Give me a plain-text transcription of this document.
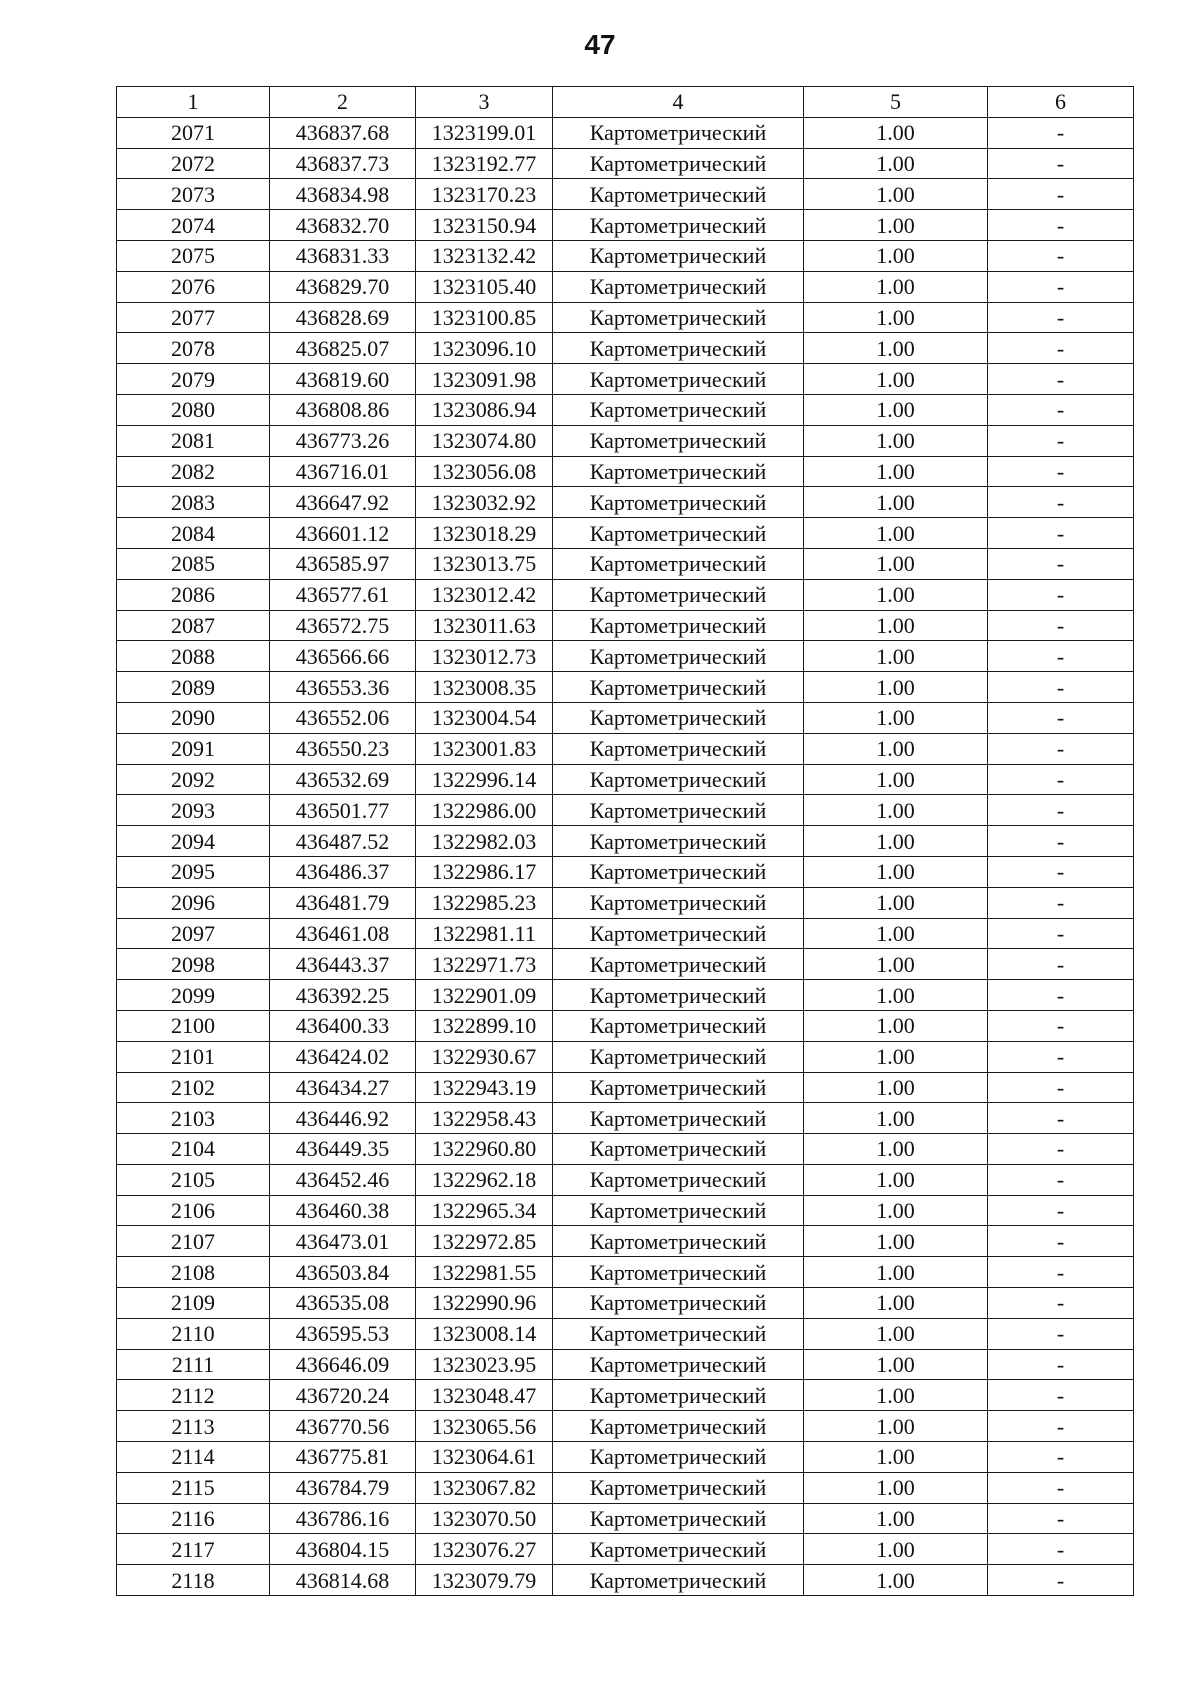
47
1	2	3	4	5	6
2071	436837.68	1323199.01	Картометрический	1.00	-
2072	436837.73	1323192.77	Картометрический	1.00	-
2073	436834.98	1323170.23	Картометрический	1.00	-
2074	436832.70	1323150.94	Картометрический	1.00	-
2075	436831.33	1323132.42	Картометрический	1.00	-
2076	436829.70	1323105.40	Картометрический	1.00	-
2077	436828.69	1323100.85	Картометрический	1.00	-
2078	436825.07	1323096.10	Картометрический	1.00	-
2079	436819.60	1323091.98	Картометрический	1.00	-
2080	436808.86	1323086.94	Картометрический	1.00	-
2081	436773.26	1323074.80	Картометрический	1.00	-
2082	436716.01	1323056.08	Картометрический	1.00	-
2083	436647.92	1323032.92	Картометрический	1.00	-
2084	436601.12	1323018.29	Картометрический	1.00	-
2085	436585.97	1323013.75	Картометрический	1.00	-
2086	436577.61	1323012.42	Картометрический	1.00	-
2087	436572.75	1323011.63	Картометрический	1.00	-
2088	436566.66	1323012.73	Картометрический	1.00	-
2089	436553.36	1323008.35	Картометрический	1.00	-
2090	436552.06	1323004.54	Картометрический	1.00	-
2091	436550.23	1323001.83	Картометрический	1.00	-
2092	436532.69	1322996.14	Картометрический	1.00	-
2093	436501.77	1322986.00	Картометрический	1.00	-
2094	436487.52	1322982.03	Картометрический	1.00	-
2095	436486.37	1322986.17	Картометрический	1.00	-
2096	436481.79	1322985.23	Картометрический	1.00	-
2097	436461.08	1322981.11	Картометрический	1.00	-
2098	436443.37	1322971.73	Картометрический	1.00	-
2099	436392.25	1322901.09	Картометрический	1.00	-
2100	436400.33	1322899.10	Картометрический	1.00	-
2101	436424.02	1322930.67	Картометрический	1.00	-
2102	436434.27	1322943.19	Картометрический	1.00	-
2103	436446.92	1322958.43	Картометрический	1.00	-
2104	436449.35	1322960.80	Картометрический	1.00	-
2105	436452.46	1322962.18	Картометрический	1.00	-
2106	436460.38	1322965.34	Картометрический	1.00	-
2107	436473.01	1322972.85	Картометрический	1.00	-
2108	436503.84	1322981.55	Картометрический	1.00	-
2109	436535.08	1322990.96	Картометрический	1.00	-
2110	436595.53	1323008.14	Картометрический	1.00	-
2111	436646.09	1323023.95	Картометрический	1.00	-
2112	436720.24	1323048.47	Картометрический	1.00	-
2113	436770.56	1323065.56	Картометрический	1.00	-
2114	436775.81	1323064.61	Картометрический	1.00	-
2115	436784.79	1323067.82	Картометрический	1.00	-
2116	436786.16	1323070.50	Картометрический	1.00	-
2117	436804.15	1323076.27	Картометрический	1.00	-
2118	436814.68	1323079.79	Картометрический	1.00	-
